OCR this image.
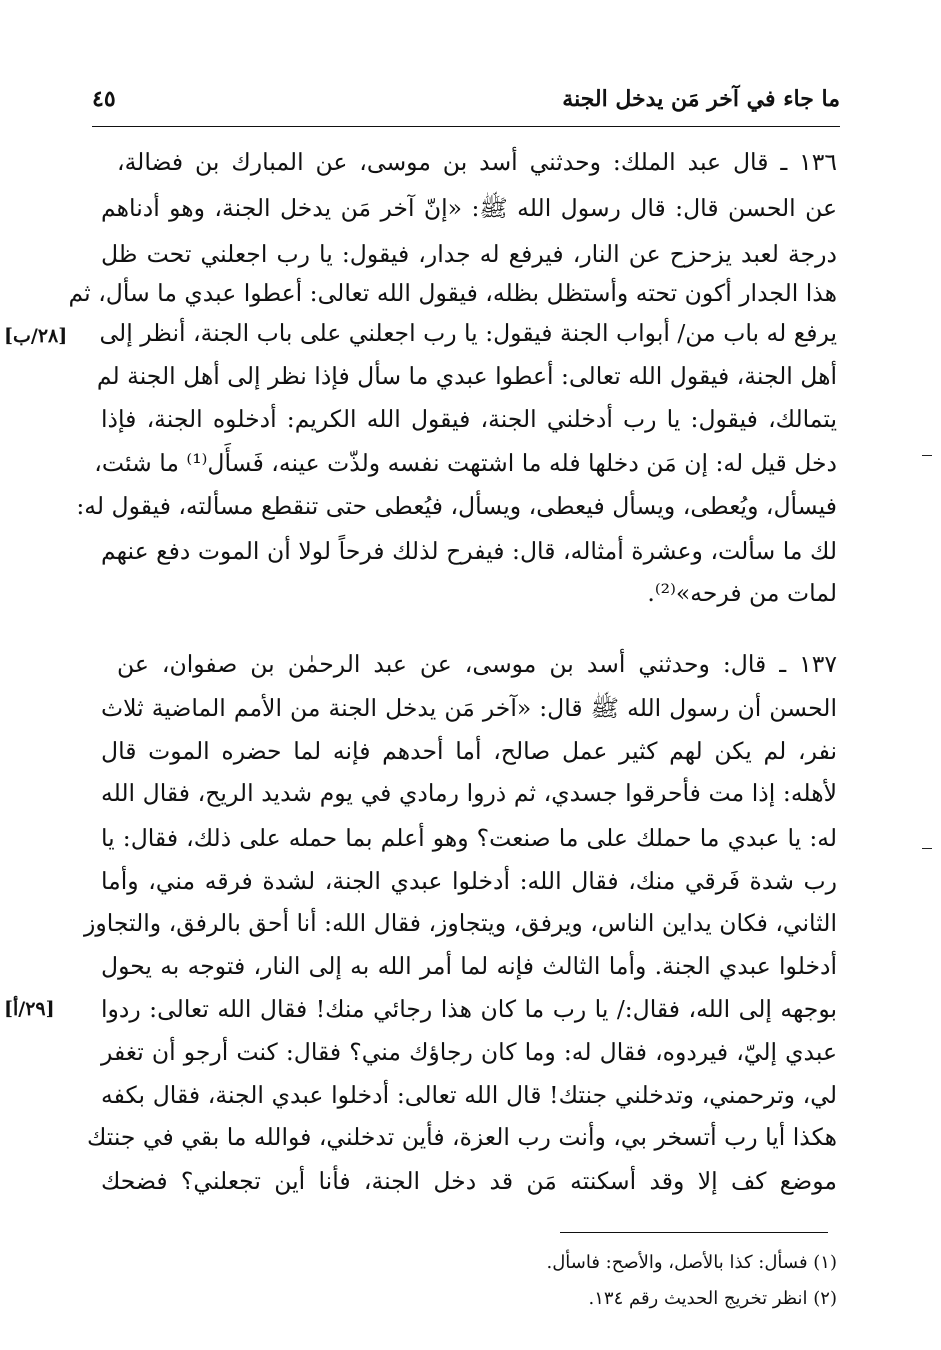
ما جاء في آخر مَن يدخل الجنة
٤٥
١٣٦ ـ قال عبد الملك: وحدثني أسد بن موسى، عن المبارك بن فضالة،
عن الحسن قال: قال رسول الله ﷺ: «إنّ آخر مَن يدخل الجنة، وهو أدناهم
درجة لعبد يزحزح عن النار، فيرفع له جدار، فيقول: يا رب اجعلني تحت ظل
هذا الجدار أكون تحته وأستظل بظله، فيقول الله تعالى: أعطوا عبدي ما سأل، ثم
يرفع له باب من/ أبواب الجنة فيقول: يا رب اجعلني على باب الجنة، أنظر إلى
أهل الجنة، فيقول الله تعالى: أعطوا عبدي ما سأل فإذا نظر إلى أهل الجنة لم
يتمالك، فيقول: يا رب أدخلني الجنة، فيقول الله الكريم: أدخلوه الجنة، فإذا
دخل قيل له: إن مَن دخلها فله ما اشتهت نفسه ولذّت عينه، فَسأَل⁽¹⁾ ما شئت،
فيسأل، ويُعطى، ويسأل فيعطى، ويسأل، فيُعطى حتى تنقطع مسألته، فيقول له:
لك ما سألت، وعشرة أمثاله، قال: فيفرح لذلك فرحاً لولا أن الموت دفع عنهم
لمات من فرحه»⁽²⁾.
[٢٨/ب]
١٣٧ ـ قال: وحدثني أسد بن موسى، عن عبد الرحمٰن بن صفوان، عن
الحسن أن رسول الله ﷺ قال: «آخر مَن يدخل الجنة من الأمم الماضية ثلاث
نفر، لم يكن لهم كثير عمل صالح، أما أحدهم فإنه لما حضره الموت قال
لأهله: إذا مت فأحرقوا جسدي، ثم ذروا رمادي في يوم شديد الريح، فقال الله
له: يا عبدي ما حملك على ما صنعت؟ وهو أعلم بما حمله على ذلك، فقال: يا
رب شدة فَرقي منك، فقال الله: أدخلوا عبدي الجنة، لشدة فرقه مني، وأما
الثاني، فكان يداين الناس، ويرفق، ويتجاوز، فقال الله: أنا أحق بالرفق، والتجاوز
أدخلوا عبدي الجنة. وأما الثالث فإنه لما أمر الله به إلى النار، فتوجه به يحول
بوجهه إلى الله، فقال:/ يا رب ما كان هذا رجائي منك! فقال الله تعالى: ردوا
عبدي إليّ، فيردوه، فقال له: وما كان رجاؤك مني؟ فقال: كنت أرجو أن تغفر
لي، وترحمني، وتدخلني جنتك! قال الله تعالى: أدخلوا عبدي الجنة، فقال بكفه
هكذا أيا رب أتسخر بي، وأنت رب العزة، فأين تدخلني، فوالله ما بقي في جنتك
موضع كف إلا وقد أسكنته مَن قد دخل الجنة، فأنا أين تجعلني؟ فضحك
[٢٩/أ]
(١) فسأل: كذا بالأصل، والأصح: فاسأل.
(٢) انظر تخريج الحديث رقم ١٣٤.
